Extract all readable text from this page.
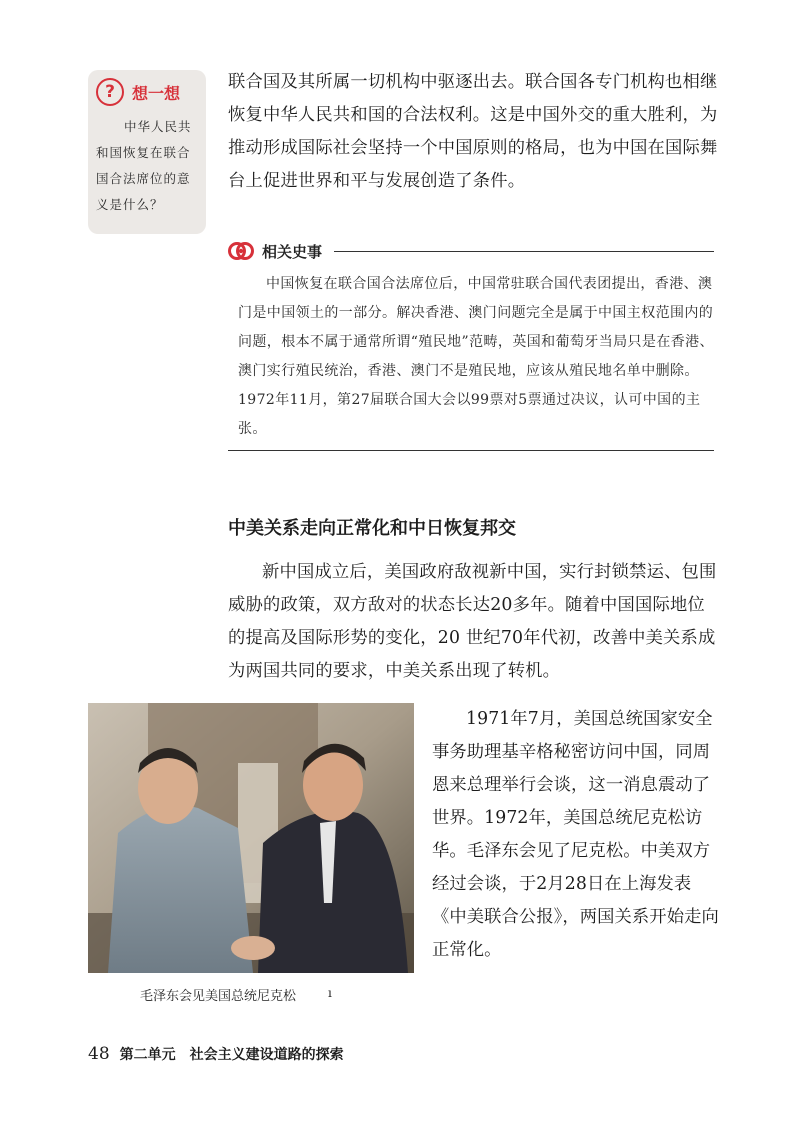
?	想一想
中华人民共和国恢复在联合国合法席位的意义是什么？
联合国及其所属一切机构中驱逐出去。联合国各专门机构也相继恢复中华人民共和国的合法权利。这是中国外交的重大胜利，为推动形成国际社会坚持一个中国原则的格局，也为中国在国际舞台上促进世界和平与发展创造了条件。
相关史事
中国恢复在联合国合法席位后，中国常驻联合国代表团提出，香港、澳门是中国领土的一部分。解决香港、澳门问题完全是属于中国主权范围内的问题，根本不属于通常所谓“殖民地”范畴，英国和葡萄牙当局只是在香港、澳门实行殖民统治，香港、澳门不是殖民地，应该从殖民地名单中删除。1972年11月，第27届联合国大会以99票对5票通过决议，认可中国的主张。
中美关系走向正常化和中日恢复邦交
新中国成立后，美国政府敌视新中国，实行封锁禁运、包围威胁的政策，双方敌对的状态长达20多年。随着中国国际地位的提高及国际形势的变化，20 世纪70年代初，改善中美关系成为两国共同的要求，中美关系出现了转机。
毛泽东会见美国总统尼克松	ı
1971年7月，美国总统国家安全事务助理基辛格秘密访问中国，同周恩来总理举行会谈，这一消息震动了世界。1972年，美国总统尼克松访华。毛泽东会见了尼克松。中美双方经过会谈，于2月28日在上海发表《中美联合公报》，两国关系开始走向正常化。
48 第二单元 社会主义建设道路的探索
